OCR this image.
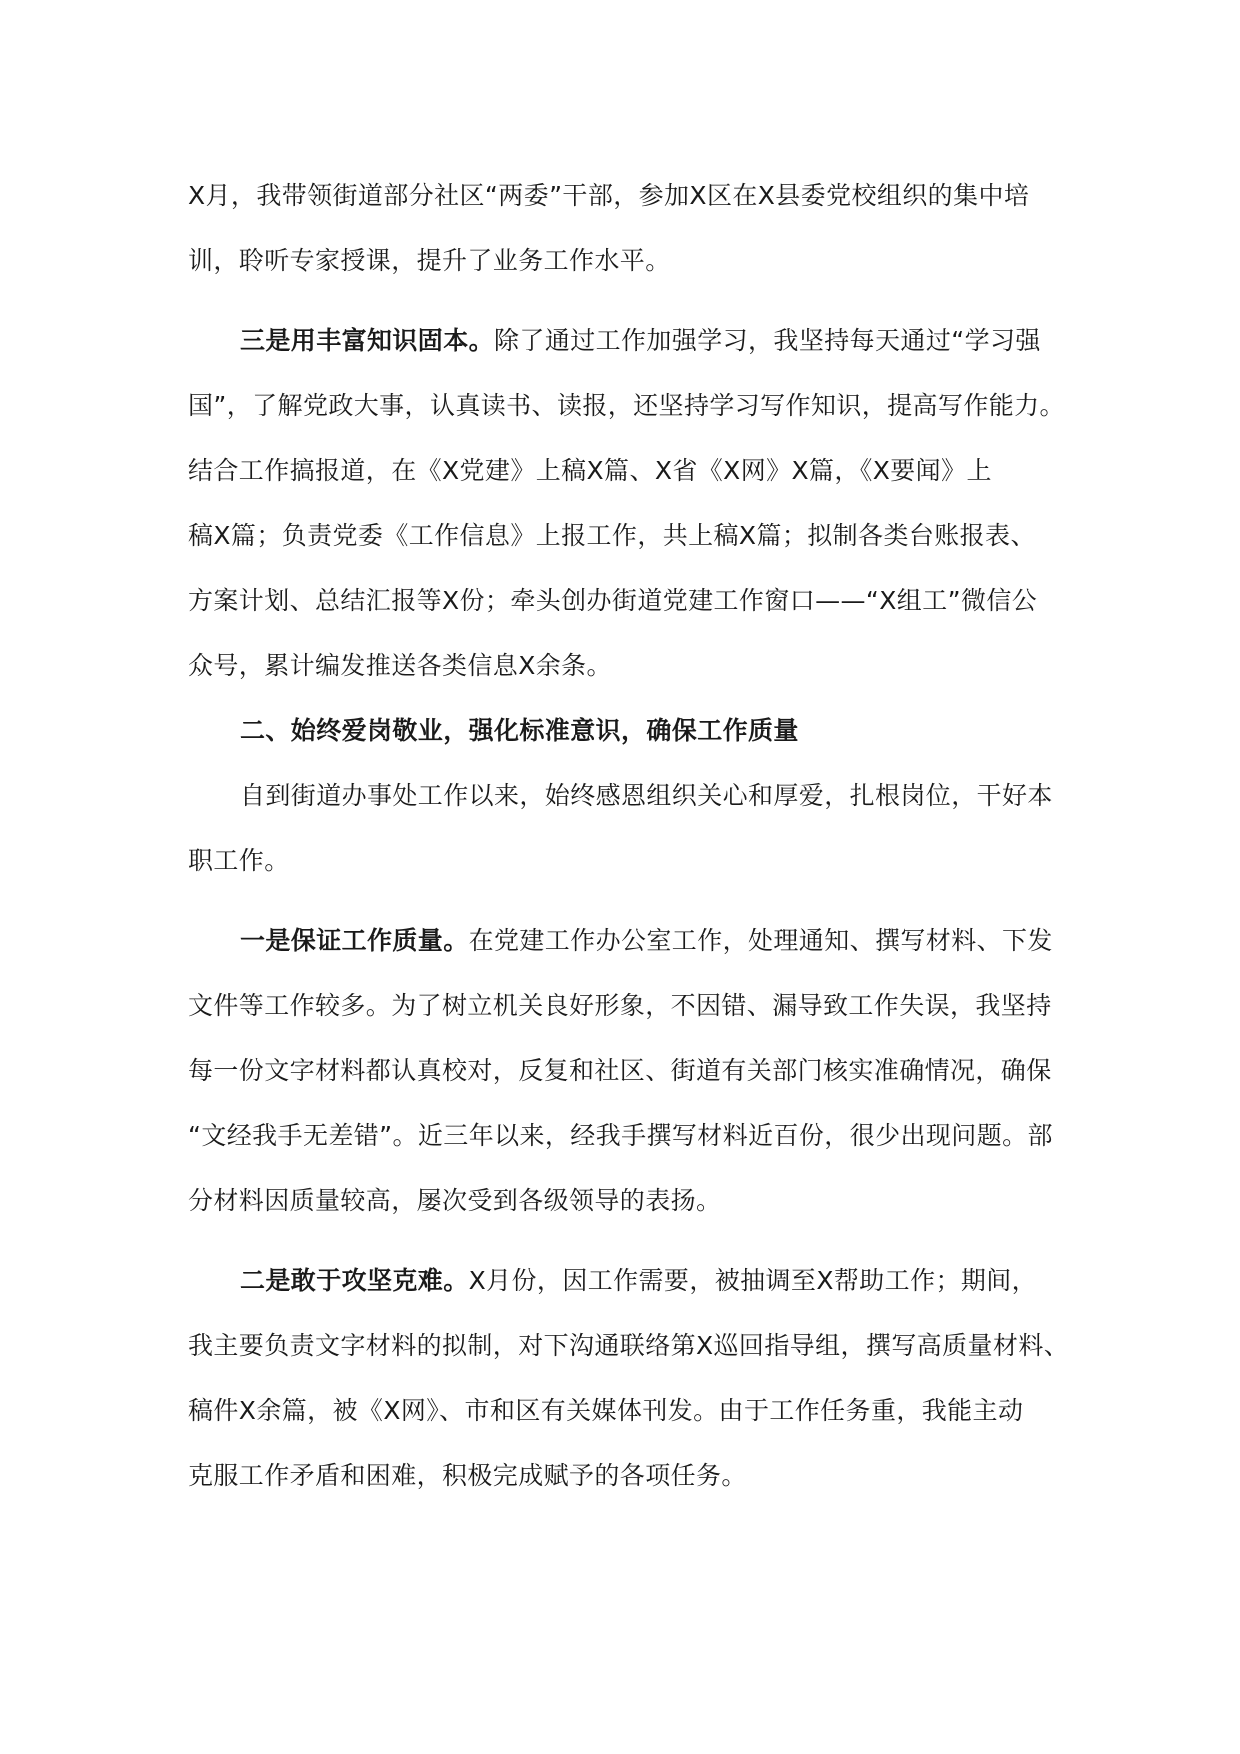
X月，我带领街道部分社区“两委”干部，参加X区在X县委党校组织的集中培
训，聆听专家授课，提升了业务工作水平。
三是用丰富知识固本。除了通过工作加强学习，我坚持每天通过“学习强
国”，了解党政大事，认真读书、读报，还坚持学习写作知识，提高写作能力。
结合工作搞报道，在《X党建》上稿X篇、X省《X网》X篇，《X要闻》上
稿X篇；负责党委《工作信息》上报工作，共上稿X篇；拟制各类台账报表、
方案计划、总结汇报等X份；牵头创办街道党建工作窗口——“X组工”微信公
众号，累计编发推送各类信息X余条。
二、始终爱岗敬业，强化标准意识，确保工作质量
自到街道办事处工作以来，始终感恩组织关心和厚爱，扎根岗位，干好本
职工作。
一是保证工作质量。在党建工作办公室工作，处理通知、撰写材料、下发
文件等工作较多。为了树立机关良好形象，不因错、漏导致工作失误，我坚持
每一份文字材料都认真校对，反复和社区、街道有关部门核实准确情况，确保
“文经我手无差错”。近三年以来，经我手撰写材料近百份，很少出现问题。部
分材料因质量较高，屡次受到各级领导的表扬。
二是敢于攻坚克难。X月份，因工作需要，被抽调至X帮助工作；期间，
我主要负责文字材料的拟制，对下沟通联络第X巡回指导组，撰写高质量材料、
稿件X余篇，被《X网》、市和区有关媒体刊发。由于工作任务重，我能主动
克服工作矛盾和困难，积极完成赋予的各项任务。
